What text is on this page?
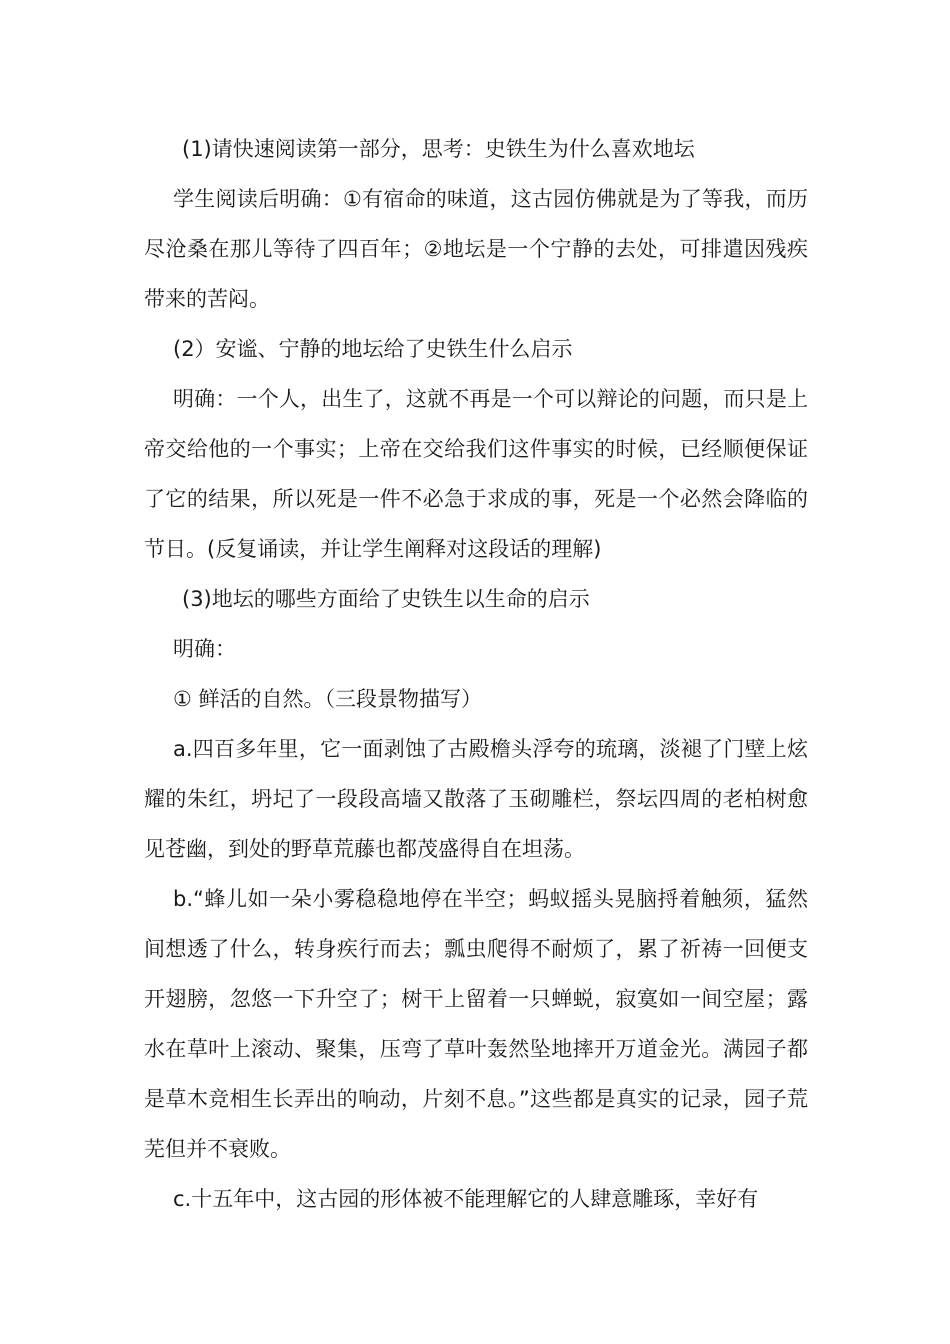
(1)请快速阅读第一部分，思考：史铁生为什么喜欢地坛

学生阅读后明确：①有宿命的味道，这古园仿佛就是为了等我，而历尽沧桑在那儿等待了四百年；②地坛是一个宁静的去处，可排遣因残疾带来的苦闷。

(2）安谧、宁静的地坛给了史铁生什么启示

明确：一个人，出生了，这就不再是一个可以辩论的问题，而只是上帝交给他的一个事实；上帝在交给我们这件事实的时候，已经顺便保证了它的结果，所以死是一件不必急于求成的事，死是一个必然会降临的节日。(反复诵读，并让学生阐释对这段话的理解)

(3)地坛的哪些方面给了史铁生以生命的启示

明确：

① 鲜活的自然。（三段景物描写）

a.四百多年里，它一面剥蚀了古殿檐头浮夸的琉璃，淡褪了门壁上炫耀的朱红，坍圮了一段段高墙又散落了玉砌雕栏，祭坛四周的老柏树愈见苍幽，到处的野草荒藤也都茂盛得自在坦荡。

b.“蜂儿如一朵小雾稳稳地停在半空；蚂蚁摇头晃脑捋着触须，猛然间想透了什么，转身疾行而去；瓢虫爬得不耐烦了，累了祈祷一回便支开翅膀，忽悠一下升空了；树干上留着一只蝉蜕，寂寞如一间空屋；露水在草叶上滚动、聚集，压弯了草叶轰然坠地摔开万道金光。满园子都是草木竞相生长弄出的响动，片刻不息。”这些都是真实的记录，园子荒芜但并不衰败。

c.十五年中，这古园的形体被不能理解它的人肆意雕琢，幸好有
